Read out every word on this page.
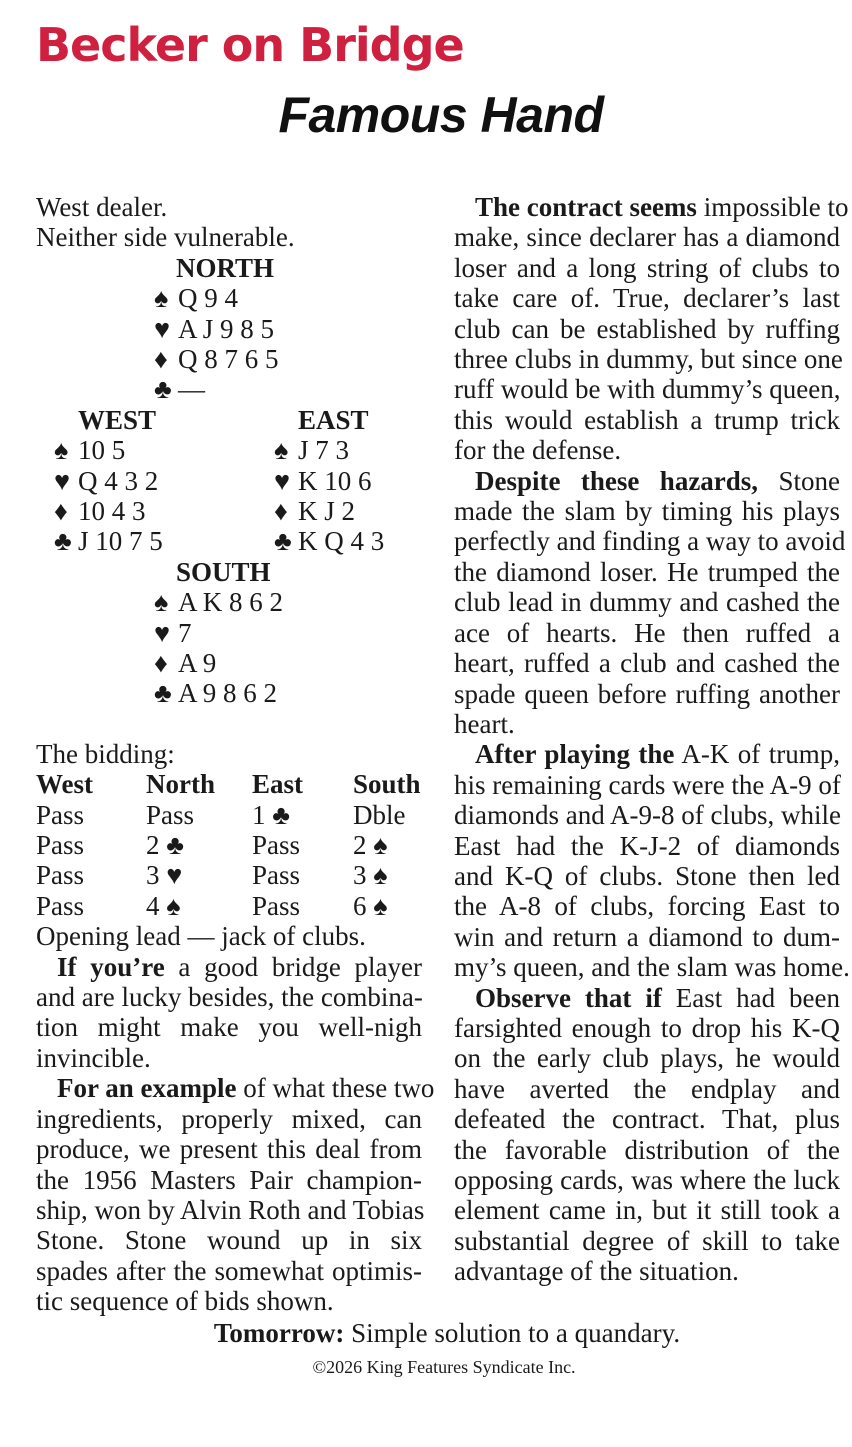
Becker on Bridge
Famous Hand
West dealer.
Neither side vulnerable.
NORTH
♠ Q 9 4
♥ A J 9 8 5
♦ Q 8 7 6 5
♣ —
WEST
♠ 10 5
♥ Q 4 3 2
♦ 10 4 3
♣ J 10 7 5
EAST
♠ J 7 3
♥ K 10 6
♦ K J 2
♣ K Q 4 3
SOUTH
♠ A K 8 6 2
♥ 7
♦ A 9
♣ A 9 8 6 2
The bidding:
West	North	East	South
Pass	Pass	1 ♣	Dble
Pass	2 ♣	Pass	2 ♠
Pass	3 ♥	Pass	3 ♠
Pass	4 ♠	Pass	6 ♠
Opening lead — jack of clubs.
If you’re a good bridge player
and are lucky besides, the combina-
tion might make you well-nigh
invincible.
For an example of what these two
ingredients, properly mixed, can
produce, we present this deal from
the 1956 Masters Pair champion-
ship, won by Alvin Roth and Tobias
Stone. Stone wound up in six
spades after the somewhat optimis-
tic sequence of bids shown.
The contract seems impossible to
make, since declarer has a diamond
loser and a long string of clubs to
take care of. True, declarer’s last
club can be established by ruffing
three clubs in dummy, but since one
ruff would be with dummy’s queen,
this would establish a trump trick
for the defense.
Despite these hazards, Stone
made the slam by timing his plays
perfectly and finding a way to avoid
the diamond loser. He trumped the
club lead in dummy and cashed the
ace of hearts. He then ruffed a
heart, ruffed a club and cashed the
spade queen before ruffing another
heart.
After playing the A-K of trump,
his remaining cards were the A-9 of
diamonds and A-9-8 of clubs, while
East had the K-J-2 of diamonds
and K-Q of clubs. Stone then led
the A-8 of clubs, forcing East to
win and return a diamond to dum-
my’s queen, and the slam was home.
Observe that if East had been
farsighted enough to drop his K-Q
on the early club plays, he would
have averted the endplay and
defeated the contract. That, plus
the favorable distribution of the
opposing cards, was where the luck
element came in, but it still took a
substantial degree of skill to take
advantage of the situation.
Tomorrow: Simple solution to a quandary.
©2026 King Features Syndicate Inc.
